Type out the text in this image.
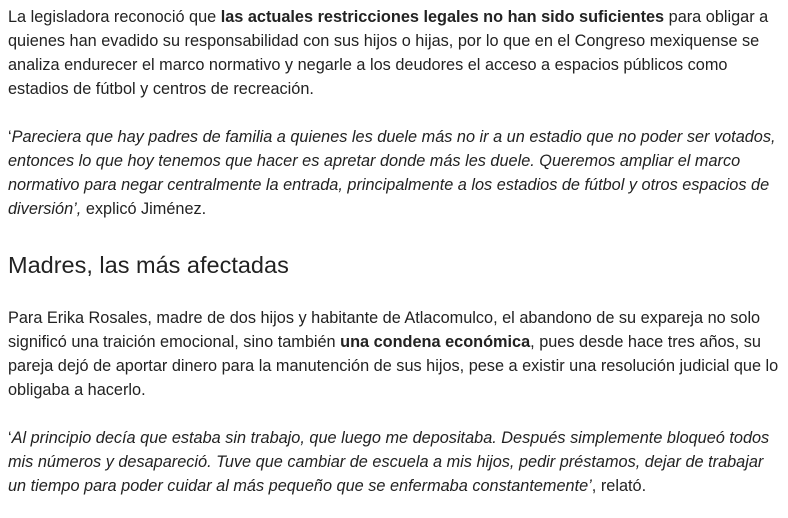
La legisladora reconoció que las actuales restricciones legales no han sido suficientes para obligar a quienes han evadido su responsabilidad con sus hijos o hijas, por lo que en el Congreso mexiquense se analiza endurecer el marco normativo y negarle a los deudores el acceso a espacios públicos como estadios de fútbol y centros de recreación.

‘Pareciera que hay padres de familia a quienes les duele más no ir a un estadio que no poder ser votados, entonces lo que hoy tenemos que hacer es apretar donde más les duele. Queremos ampliar el marco normativo para negar centralmente la entrada, principalmente a los estadios de fútbol y otros espacios de diversión’, explicó Jiménez.

Madres, las más afectadas

Para Erika Rosales, madre de dos hijos y habitante de Atlacomulco, el abandono de su expareja no solo significó una traición emocional, sino también una condena económica, pues desde hace tres años, su pareja dejó de aportar dinero para la manutención de sus hijos, pese a existir una resolución judicial que lo obligaba a hacerlo.

‘Al principio decía que estaba sin trabajo, que luego me depositaba. Después simplemente bloqueó todos mis números y desapareció. Tuve que cambiar de escuela a mis hijos, pedir préstamos, dejar de trabajar un tiempo para poder cuidar al más pequeño que se enfermaba constantemente’, relató.
